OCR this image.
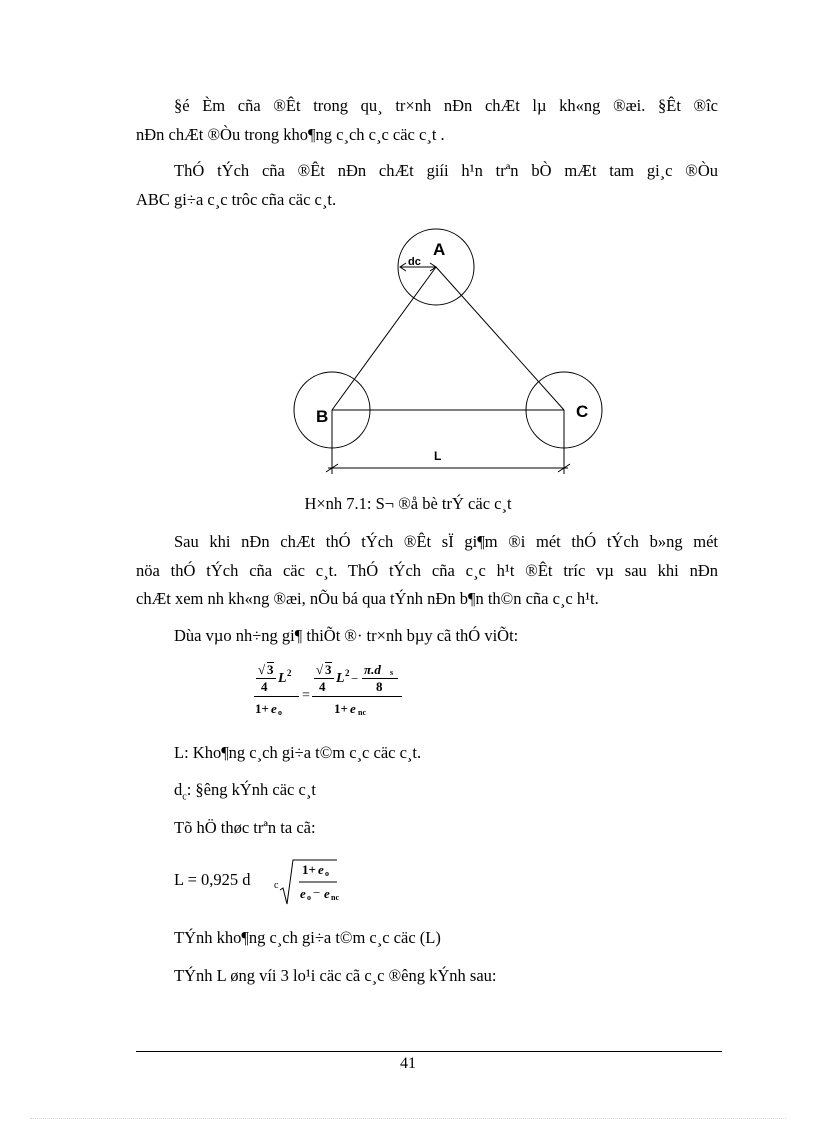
§é Èm cña ®Êt trong qu¸ tr×nh nÐn chÆt lµ kh«ng ®æi. §Êt ®îc
nÐn chÆt ®Òu trong kho¶ng c¸ch c¸c cäc c¸t .
ThÓ tÝch cña ®Êt nÐn chÆt giíi h¹n trªn bÒ mÆt tam gi¸c ®Òu
ABC gi÷a c¸c trôc cña cäc c¸t.
A
dc
B	C
L
H×nh 7.1: S¬ ®å bè trÝ cäc c¸t
Sau khi nÐn chÆt thÓ tÝch ®Êt sÏ gi¶m ®i mét thÓ tÝch b»ng mét
nöa thÓ tÝch cña cäc c¸t. ThÓ tÝch cña c¸c h¹t ®Êt tríc vµ sau khi nÐn
chÆt xem nh kh«ng ®æi, nÕu bá qua tÝnh nÐn b¶n th©n cña c¸c h¹t.
Dùa vµo nh÷ng gi¶ thiÕt ®· tr×nh bµy cã thÓ viÕt:
√ 3
4
L 2
1+ e o
=
√ 3
4
L 2 −
π.d s
8
1+ e nc
L: Kho¶ng c¸ch gi÷a t©m c¸c cäc c¸t.
$d_c$: §êng kÝnh cäc c¸t
Tõ hÖ thøc trªn ta cã:
L = 0,925 d c
1+ e o
e o − e nc
TÝnh kho¶ng c¸ch gi÷a t©m c¸c cäc (L)
TÝnh L øng víi 3 lo¹i cäc cã c¸c ®êng kÝnh sau:
41
